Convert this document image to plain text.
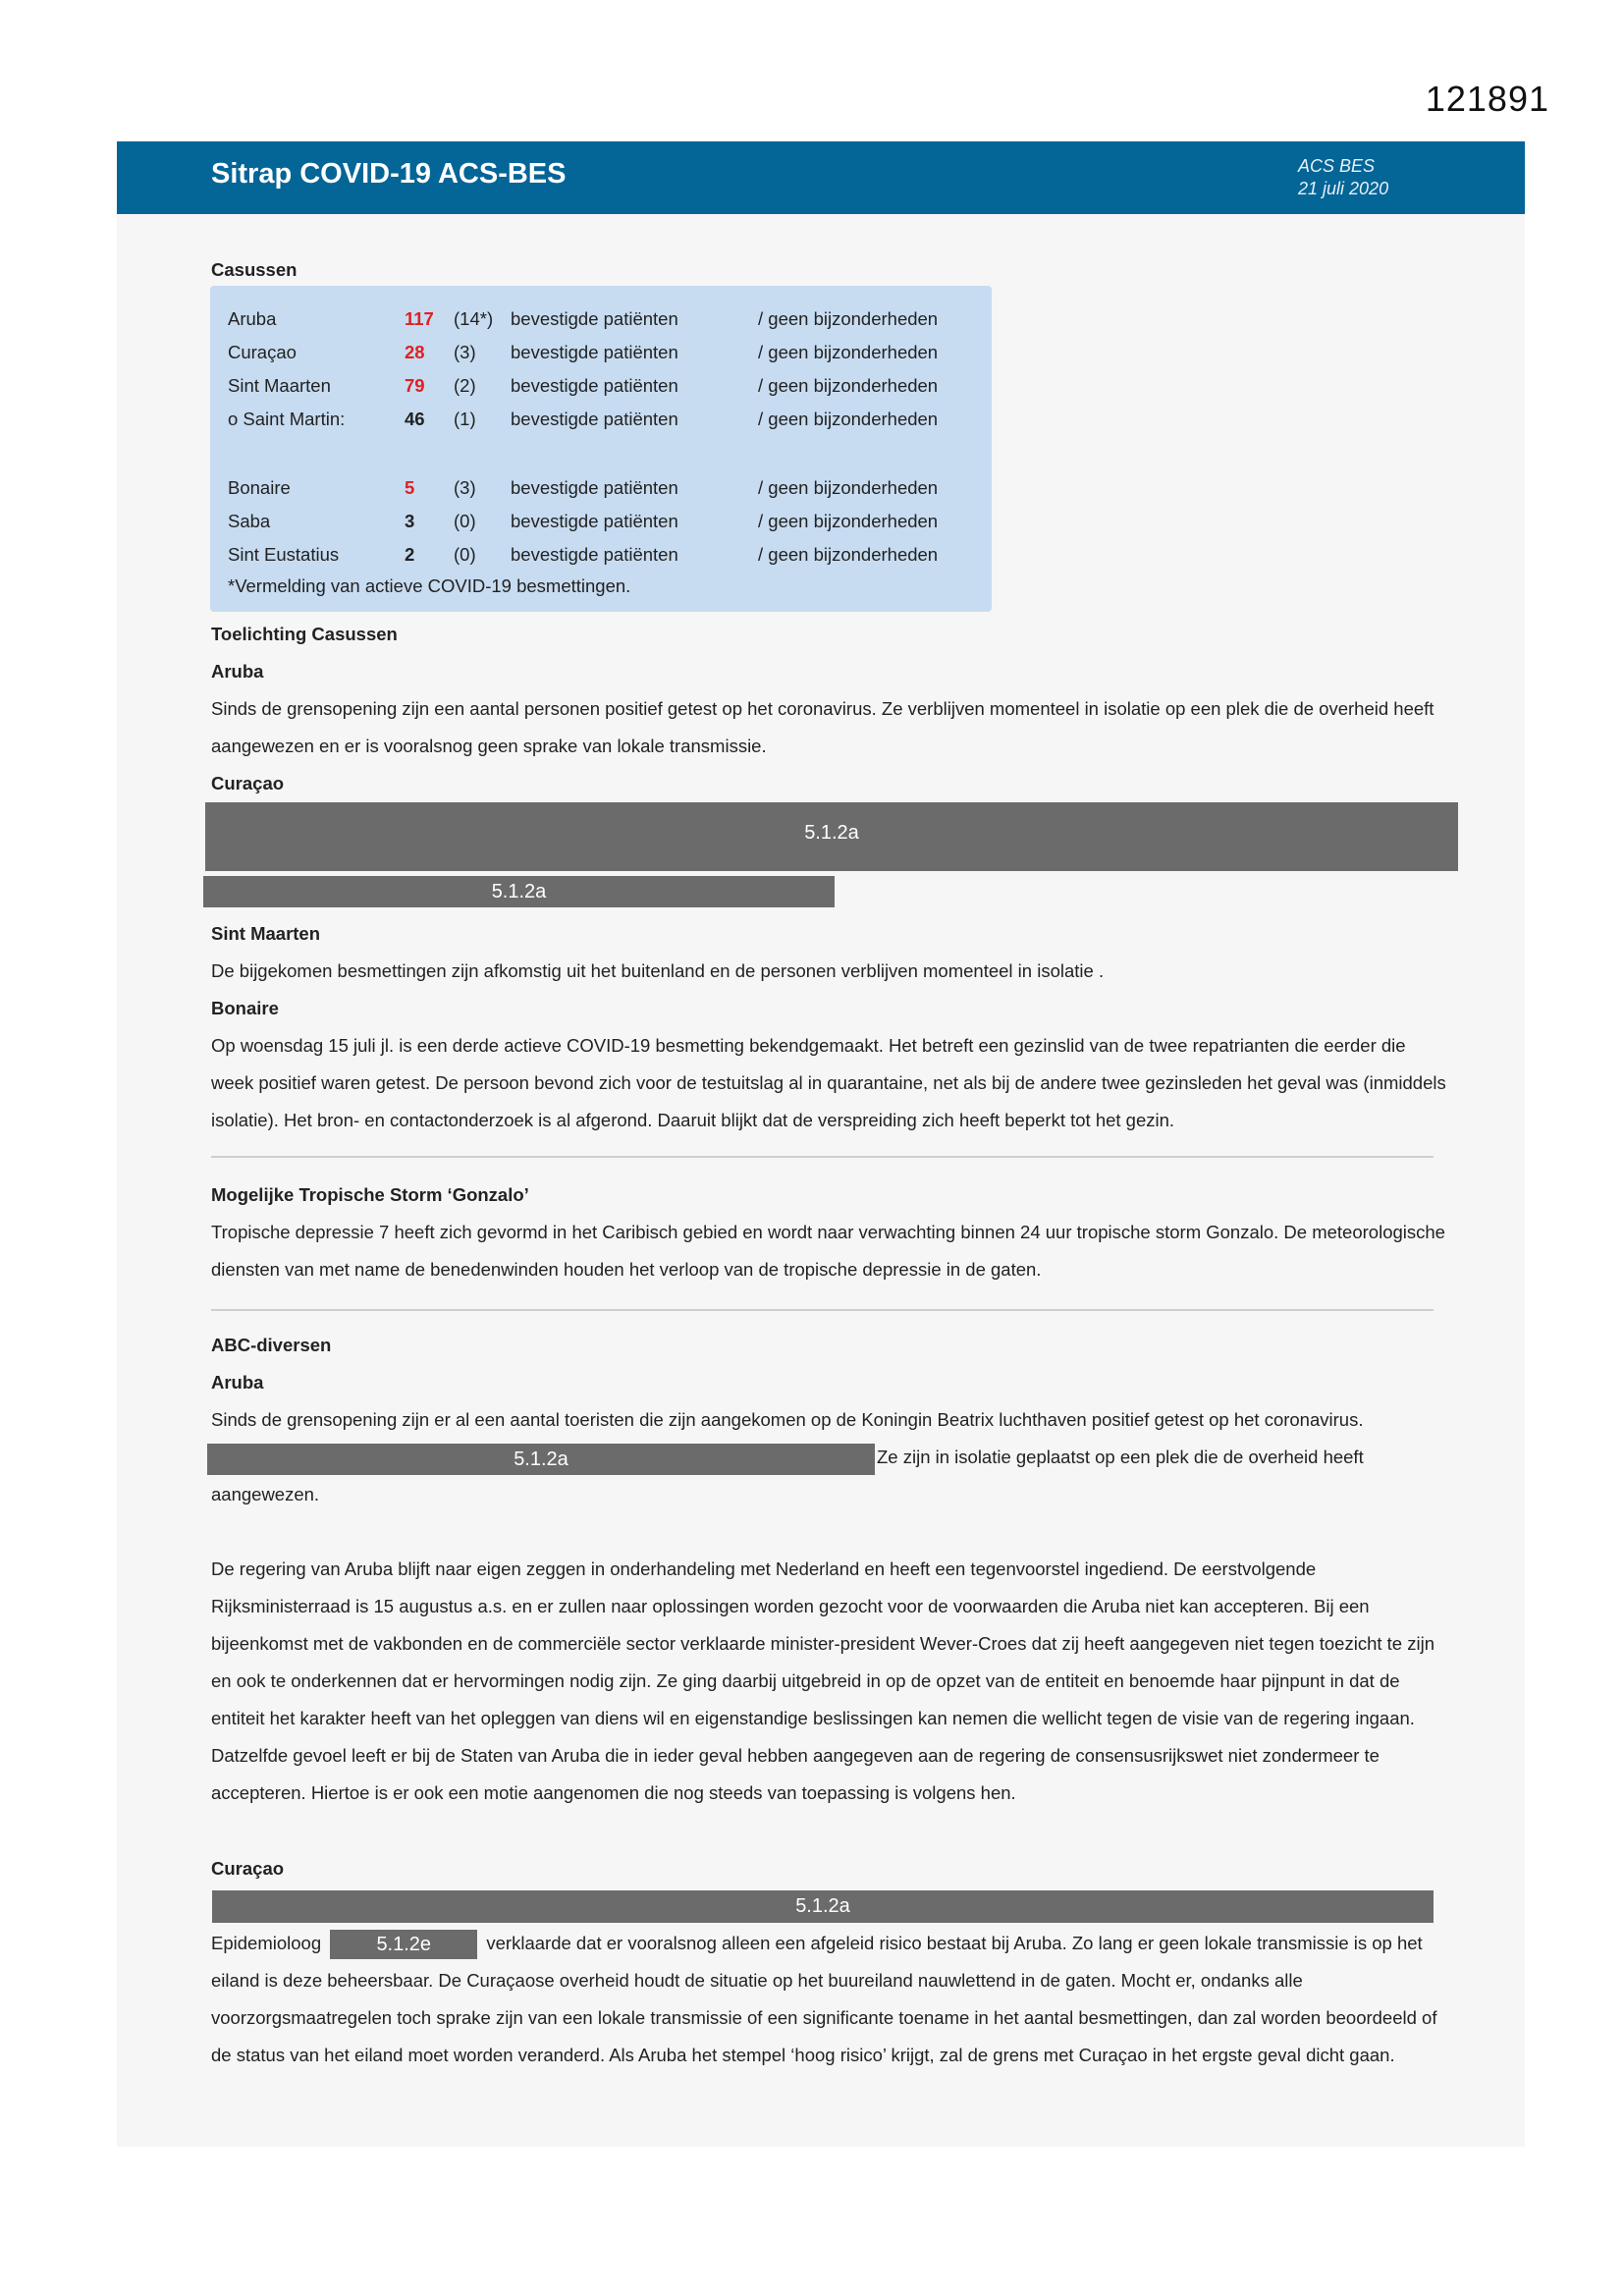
121891
Sitrap COVID-19 ACS-BES	ACS BES
21 juli 2020
Casussen
*Vermelding van actieve COVID-19 besmettingen.
Aruba	117 (14*) bevestigde patiënten	/ geen bijzonderheden
Curaçao	28 (3) bevestigde patiënten	/ geen bijzonderheden
Sint Maarten	79 (2) bevestigde patiënten	/ geen bijzonderheden
o Saint Martin:	46 (1) bevestigde patiënten	/ geen bijzonderheden
Bonaire	5 (3) bevestigde patiënten	/ geen bijzonderheden
Saba	3 (0) bevestigde patiënten	/ geen bijzonderheden
Sint Eustatius	2 (0) bevestigde patiënten	/ geen bijzonderheden
Toelichting Casussen
Aruba
Sinds de grensopening zijn een aantal personen positief getest op het coronavirus. Ze verblijven momenteel in isolatie op een plek die de overheid heeft aangewezen en er is vooralsnog geen sprake van lokale transmissie.
Curaçao
5.1.2a
5.1.2a
Sint Maarten
De bijgekomen besmettingen zijn afkomstig uit het buitenland en de personen verblijven momenteel in isolatie .
Bonaire
Op woensdag 15 juli jl. is een derde actieve COVID-19 besmetting bekendgemaakt. Het betreft een gezinslid van de twee repatrianten die eerder die week positief waren getest. De persoon bevond zich voor de testuitslag al in quarantaine, net als bij de andere twee gezinsleden het geval was (inmiddels isolatie). Het bron- en contactonderzoek is al afgerond. Daaruit blijkt dat de verspreiding zich heeft beperkt tot het gezin.
Mogelijke Tropische Storm ‘Gonzalo’
Tropische depressie 7 heeft zich gevormd in het Caribisch gebied en wordt naar verwachting binnen 24 uur tropische storm Gonzalo. De meteorologische diensten van met name de benedenwinden houden het verloop van de tropische depressie in de gaten.
ABC-diversen
Aruba
Sinds de grensopening zijn er al een aantal toeristen die zijn aangekomen op de Koningin Beatrix luchthaven positief getest op het coronavirus.
5.1.2a	Ze zijn in isolatie geplaatst op een plek die de overheid heeft
aangewezen.
De regering van Aruba blijft naar eigen zeggen in onderhandeling met Nederland en heeft een tegenvoorstel ingediend. De eerstvolgende Rijksministerraad is 15 augustus a.s. en er zullen naar oplossingen worden gezocht voor de voorwaarden die Aruba niet kan accepteren. Bij een bijeenkomst met de vakbonden en de commerciële sector verklaarde minister-president Wever-Croes dat zij heeft aangegeven niet tegen toezicht te zijn en ook te onderkennen dat er hervormingen nodig zijn. Ze ging daarbij uitgebreid in op de opzet van de entiteit en benoemde haar pijnpunt in dat de entiteit het karakter heeft van het opleggen van diens wil en eigenstandige beslissingen kan nemen die wellicht tegen de visie van de regering ingaan. Datzelfde gevoel leeft er bij de Staten van Aruba die in ieder geval hebben aangegeven aan de regering de consensusrijkswet niet zondermeer te accepteren. Hiertoe is er ook een motie aangenomen die nog steeds van toepassing is volgens hen.
Curaçao
5.1.2a
Epidemioloog	5.1.2e	verklaarde dat er vooralsnog alleen een afgeleid risico bestaat bij Aruba. Zo lang er geen lokale transmissie is op het eiland is deze beheersbaar. De Curaçaose overheid houdt de situatie op het buureiland nauwlettend in de gaten. Mocht er, ondanks alle voorzorgsmaatregelen toch sprake zijn van een lokale transmissie of een significante toename in het aantal besmettingen, dan zal worden beoordeeld of de status van het eiland moet worden veranderd. Als Aruba het stempel ‘hoog risico’ krijgt, zal de grens met Curaçao in het ergste geval dicht gaan.
